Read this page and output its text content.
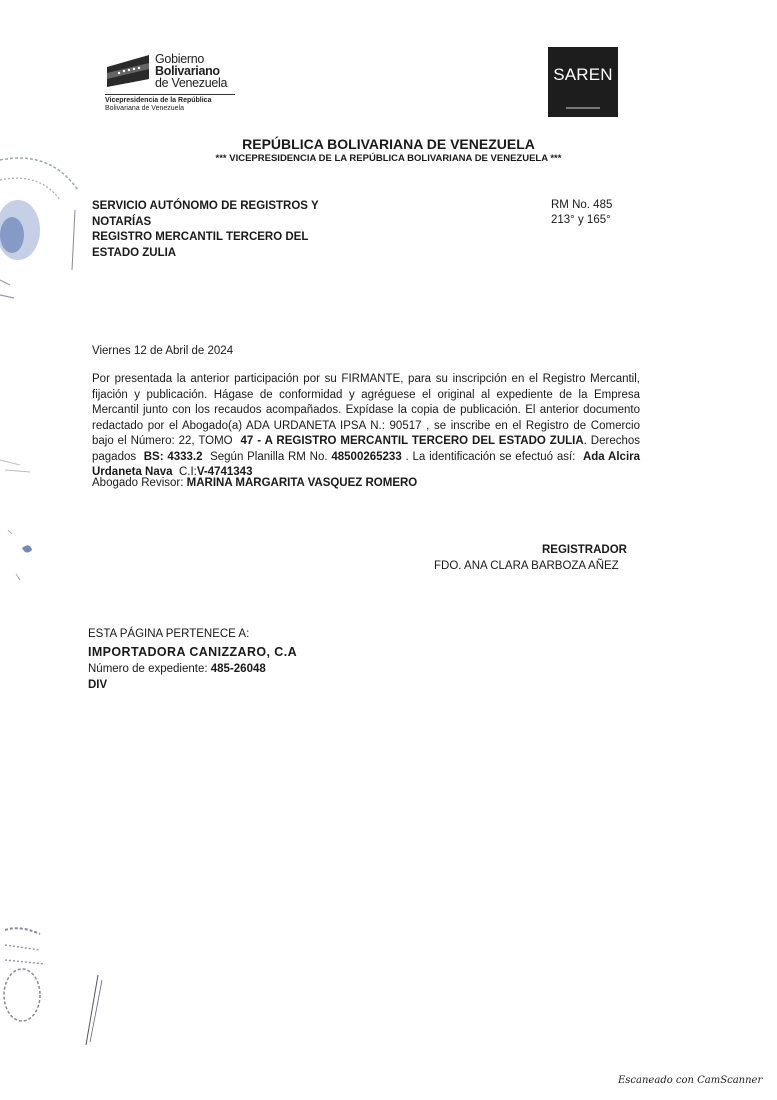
Gobierno
Bolivariano
de Venezuela
Vicepresidencia de la República
Bolivariana de Venezuela
SAREN
REPÚBLICA BOLIVARIANA DE VENEZUELA
*** VICEPRESIDENCIA DE LA REPÚBLICA BOLIVARIANA DE VENEZUELA ***
SERVICIO AUTÓNOMO DE REGISTROS Y
NOTARÍAS
REGISTRO MERCANTIL TERCERO DEL
ESTADO ZULIA
RM No. 485
213° y 165°
Viernes 12 de Abril de 2024
Por presentada la anterior participación por su FIRMANTE, para su inscripción en el Registro Mercantil, fijación y publicación. Hágase de conformidad y agréguese el original al expediente de la Empresa Mercantil junto con los recaudos acompañados. Expídase la copia de publicación. El anterior documento redactado por el Abogado(a) ADA URDANETA IPSA N.: 90517 , se inscribe en el Registro de Comercio bajo el Número: 22, TOMO 47 - A REGISTRO MERCANTIL TERCERO DEL ESTADO ZULIA. Derechos pagados BS: 4333.2 Según Planilla RM No. 48500265233 . La identificación se efectuó así: Ada Alcira Urdaneta Nava C.I:V-4741343
Abogado Revisor: MARINA MARGARITA VASQUEZ ROMERO
REGISTRADOR
FDO. ANA CLARA BARBOZA AÑEZ
ESTA PÁGINA PERTENECE A:
IMPORTADORA CANIZZARO, C.A
Número de expediente: 485-26048
DIV
Escaneado con CamScanner
